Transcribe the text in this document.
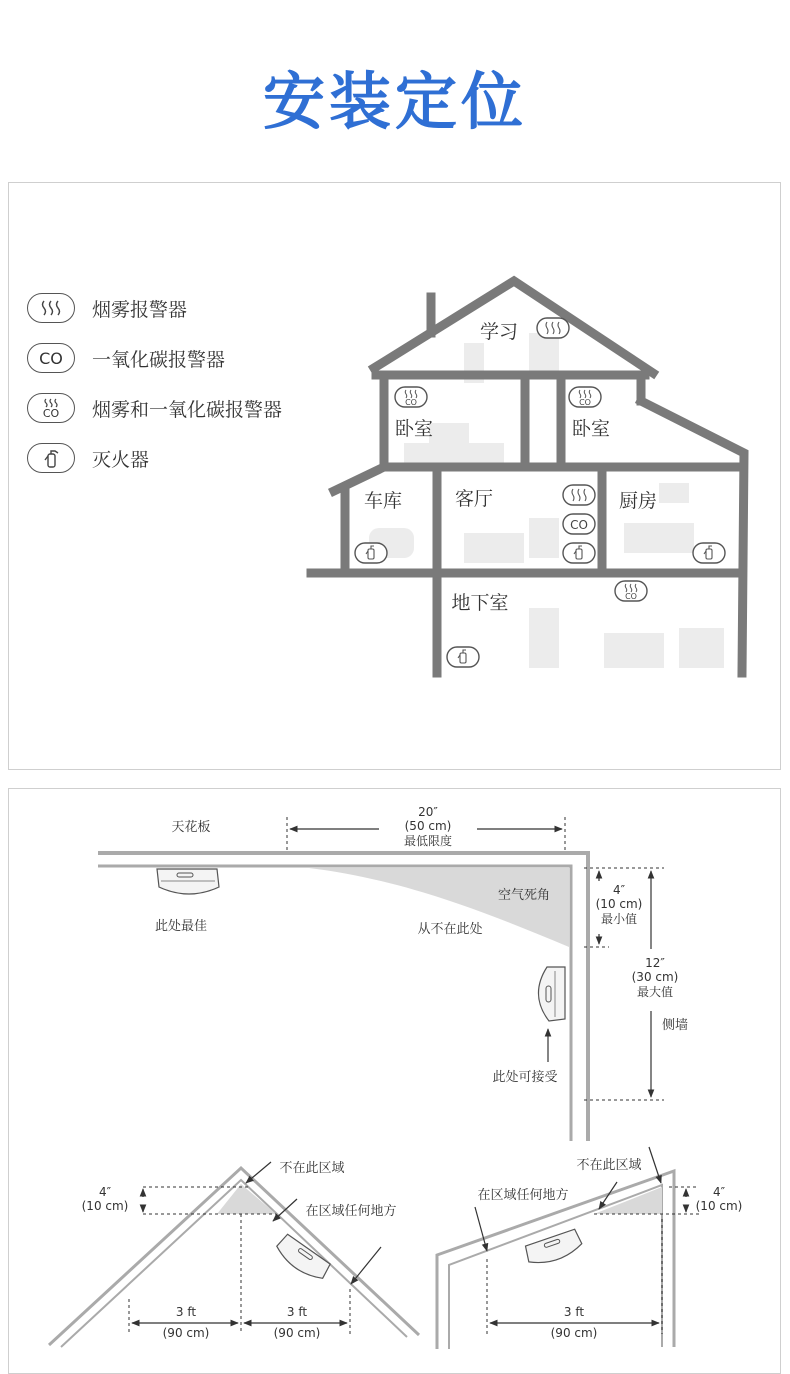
安装定位
烟雾报警器
CO	一氧化碳报警器
CO 烟雾和一氧化碳报警器
灭火器
学习
卧室	卧室
车库	客厅	厨房
地下室
CO	CO
CO
CO
天花板
20″
(50 cm)
最低限度
空气死角
从不在此处
此处最佳
此处可接受
4″
(10 cm)
最小值
12″
(30 cm)
最大值
侧墙
4″
(10 cm)
不在此区域
在区域任何地方
3 ft
(90 cm)
3 ft
(90 cm)
4″
(10 cm)
不在此区域
在区域任何地方
3 ft
(90 cm)
